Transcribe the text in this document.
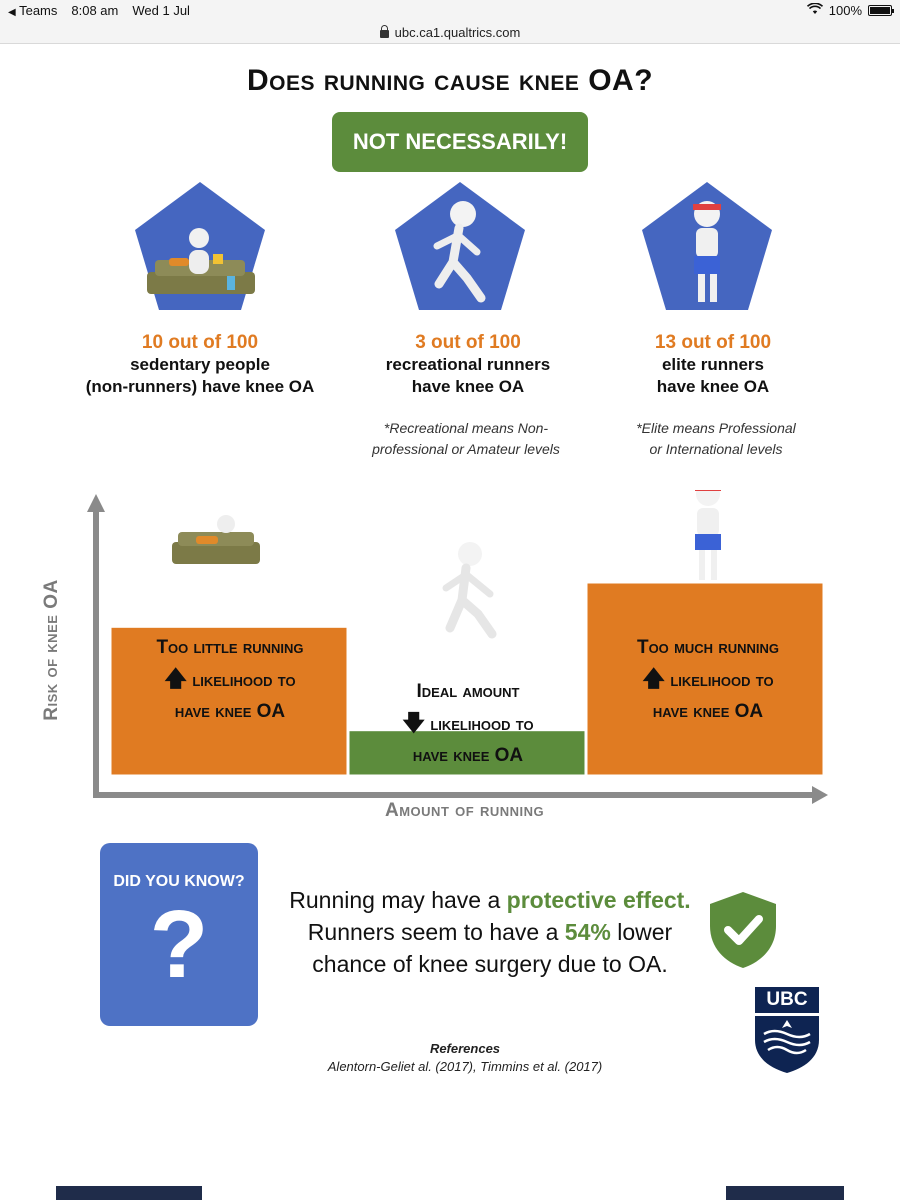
◀ Teams 8:08 am Wed 1 Jul	100%
ubc.ca1.qualtrics.com
Does running cause knee OA?
NOT NECESSARILY!
10 out of 100
sedentary people
(non-runners) have knee OA
3 out of 100
recreational runners
have knee OA
13 out of 100
elite runners
have knee OA
*Recreational means Non-
professional or Amateur levels
*Elite means Professional
or International levels
Risk of knee OA
Amount of running
Too little running
🡅 likelihood to
have knee OA
Ideal amount
🡇 likelihood to
have knee OA
Too much running
🡅 likelihood to
have knee OA
DID YOU KNOW?
?	Running may have a protective effect.
Runners seem to have a 54% lower
chance of knee surgery due to OA.
References
Alentorn-Geliet al. (2017), Timmins et al. (2017)
UBC
